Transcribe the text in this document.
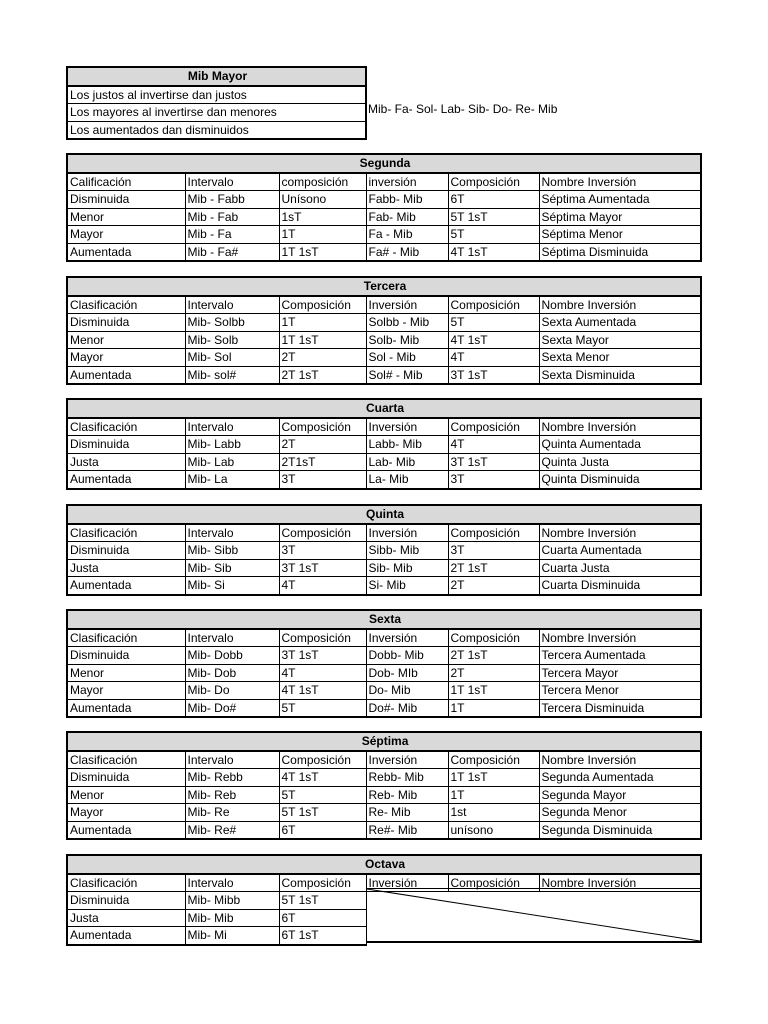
Mib Mayor
Los justos al invertirse dan justos
Los mayores al invertirse dan menores
Los aumentados dan disminuidos
Mib- Fa- Sol- Lab- Sib- Do- Re- Mib
Segunda					
Calificación	Intervalo	composición	inversión	Composición	Nombre Inversión
Disminuida	Mib - Fabb	Unísono	Fabb- Mib	6T	Séptima Aumentada
Menor	Mib - Fab	1sT	Fab- Mib	5T 1sT	Séptima Mayor
Mayor	Mib - Fa	1T	Fa - Mib	5T	Séptima Menor
Aumentada	Mib - Fa#	1T 1sT	Fa# - Mib	4T 1sT	Séptima Disminuida
Tercera					
Clasificación	Intervalo	Composición	Inversión	Composición	Nombre Inversión
Disminuida	Mib- Solbb	1T	Solbb - Mib	5T	Sexta Aumentada
Menor	Mib- Solb	1T 1sT	Solb- Mib	4T 1sT	Sexta Mayor
Mayor	Mib- Sol	2T	Sol - Mib	4T	Sexta Menor
Aumentada	Mib- sol#	2T 1sT	Sol# - Mib	3T 1sT	Sexta Disminuida
Cuarta					
Clasificación	Intervalo	Composición	Inversión	Composición	Nombre Inversión
Disminuida	Mib- Labb	2T	Labb- Mib	4T	Quinta Aumentada
Justa	Mib- Lab	2T1sT	Lab- Mib	3T 1sT	Quinta Justa
Aumentada	Mib- La	3T	La- Mib	3T	Quinta Disminuida
Quinta					
Clasificación	Intervalo	Composición	Inversión	Composición	Nombre Inversión
Disminuida	Mib- Sibb	3T	Sibb- Mib	3T	Cuarta Aumentada
Justa	Mib- Sib	3T 1sT	Sib- Mib	2T 1sT	Cuarta Justa
Aumentada	Mib- Si	4T	Si- Mib	2T	Cuarta Disminuida
Sexta					
Clasificación	Intervalo	Composición	Inversión	Composición	Nombre Inversión
Disminuida	Mib- Dobb	3T 1sT	Dobb- Mib	2T 1sT	Tercera Aumentada
Menor	Mib- Dob	4T	Dob- MIb	2T	Tercera Mayor
Mayor	Mib- Do	4T 1sT	Do- Mib	1T 1sT	Tercera Menor
Aumentada	Mib- Do#	5T	Do#- Mib	1T	Tercera Disminuida
Séptima					
Clasificación	Intervalo	Composición	Inversión	Composición	Nombre Inversión
Disminuida	Mib- Rebb	4T 1sT	Rebb- Mib	1T 1sT	Segunda Aumentada
Menor	Mib- Reb	5T	Reb- Mib	1T	Segunda Mayor
Mayor	Mib- Re	5T 1sT	Re- Mib	1st	Segunda Menor
Aumentada	Mib- Re#	6T	Re#- Mib	unísono	Segunda Disminuida
Octava					
Clasificación	Intervalo	Composición	Inversión	Composición	Nombre Inversión
Disminuida	Mib- Mibb	5T 1sT			
Justa	Mib- Mib	6T			
Aumentada	Mib- Mi	6T 1sT			
